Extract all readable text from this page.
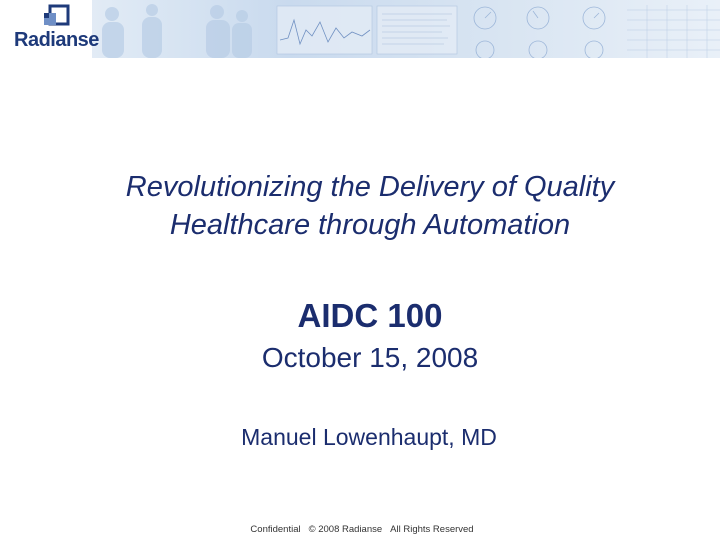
Radianse
Revolutionizing the Delivery of Quality
Healthcare through Automation
AIDC 100
October 15, 2008
Manuel Lowenhaupt, MD
Confidential © 2008 Radianse All Rights Reserved
